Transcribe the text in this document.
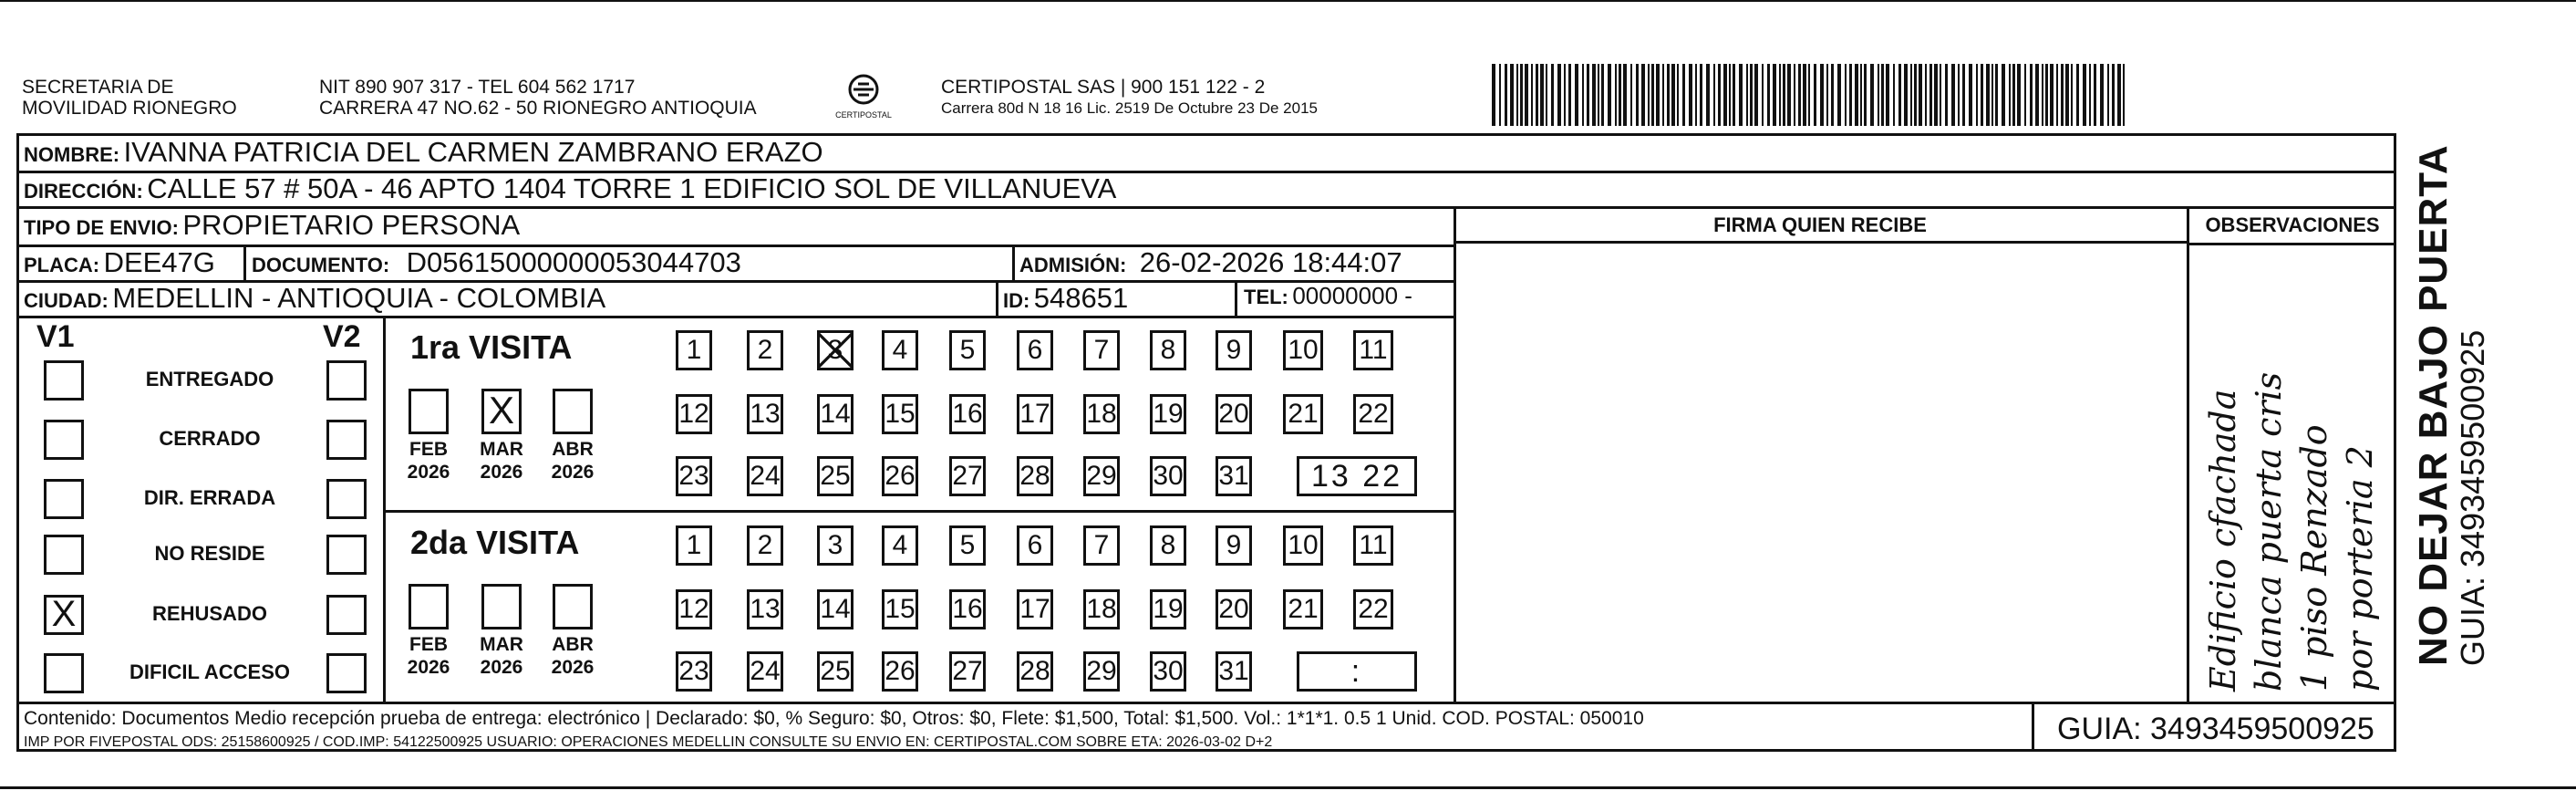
SECRETARIA DE
MOVILIDAD RIONEGRO
NIT 890 907 317 - TEL 604 562 1717
CARRERA 47 NO.62 - 50 RIONEGRO ANTIOQUIA	CERTIPOSTAL
CERTIPOSTAL SAS | 900 151 122 - 2
Carrera 80d N 18 16 Lic. 2519 De Octubre 23 De 2015
NOMBRE: IVANNA PATRICIA DEL CARMEN ZAMBRANO ERAZO
DIRECCIÓN: CALLE 57 # 50A - 46 APTO 1404 TORRE 1 EDIFICIO SOL DE VILLANUEVA
TIPO DE ENVIO: PROPIETARIO PERSONA
PLACA: DEE47G DOCUMENTO: D05615000000053044703	ADMISIÓN: 26-02-2026 18:44:07
CIUDAD: MEDELLIN - ANTIOQUIA - COLOMBIA	ID: 548651	TEL: 00000000 -
FIRMA QUIEN RECIBE	OBSERVACIONES
Edificio cfachada blanca puerta cris 1 piso Renzado por porteria 2 NO DEJAR BAJO PUERTA
GUIA: 3493459500925
V1	V2
ENTREGADO
CERRADO
DIR. ERRADA
NO RESIDE
X	REHUSADO
DIFICIL ACCESO
1ra VISITA
FEB
2026
X
MAR
2026
ABR
2026
1	2	3	4	5	6	7	8	9	10 11
12 13 14 15 16 17 18 19 20 21 22
23 24 25 26 27 28 29 30 31	13 22
2da VISITA
FEB
2026
MAR
2026
ABR
2026
1	2	3	4	5	6	7	8	9	10 11
12 13 14 15 16 17 18 19 20 21 22
23 24 25 26 27 28 29 30 31	:
Contenido: Documentos Medio recepción prueba de entrega: electrónico | Declarado: $0, % Seguro: $0, Otros: $0, Flete: $1,500, Total: $1,500. Vol.: 1*1*1. 0.5 1 Unid. COD. POSTAL: 050010
IMP POR FIVEPOSTAL ODS: 25158600925 / COD.IMP: 54122500925 USUARIO: OPERACIONES MEDELLIN CONSULTE SU ENVIO EN: CERTIPOSTAL.COM SOBRE ETA: 2026-03-02 D+2	GUIA: 3493459500925
